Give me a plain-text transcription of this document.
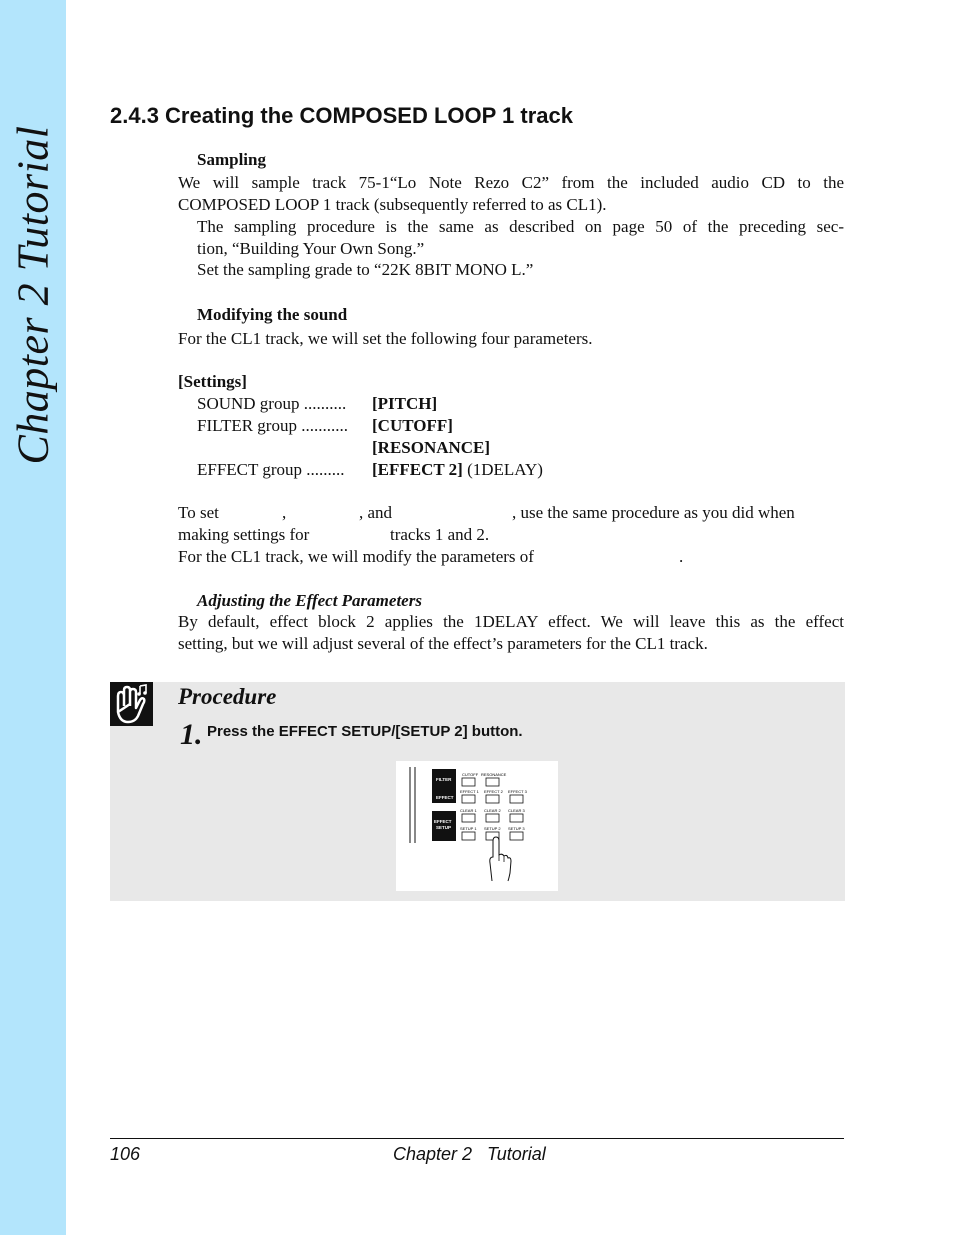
Chapter 2 Tutorial
2.4.3 Creating the COMPOSED LOOP 1 track
Sampling
We will sample track 75-1“Lo Note Rezo C2” from the included audio CD to the
COMPOSED LOOP 1 track (subsequently referred to as CL1).
The sampling procedure is the same as described on page 50 of the preceding sec-
tion, “Building Your Own Song.”
Set the sampling grade to “22K 8BIT MONO L.”
Modifying the sound
For the CL1 track, we will set the following four parameters.
[Settings]
SOUND group .......... [PITCH]
FILTER group ........... [CUTOFF]
[RESONANCE]
EFFECT group ......... [EFFECT 2] (1DELAY)
To set	,	, and	, use the same procedure as you did when
making settings for	tracks 1 and 2.
For the CL1 track, we will modify the parameters of	.
Adjusting the Effect Parameters
By default, effect block 2 applies the 1DELAY effect. We will leave this as the effect
setting, but we will adjust several of the effect’s parameters for the CL1 track.
Procedure
1. Press the EFFECT SETUP/[SETUP 2] button.
FILTER
EFFECT
EFFECT
SETUP
CUTOFF RESONANCE
EFFECT 1 EFFECT 2 EFFECT 3
CLEAR 1 CLEAR 2 CLEAR 3
SETUP 1 SETUP 2 SETUP 3
106	Chapter 2   Tutorial
